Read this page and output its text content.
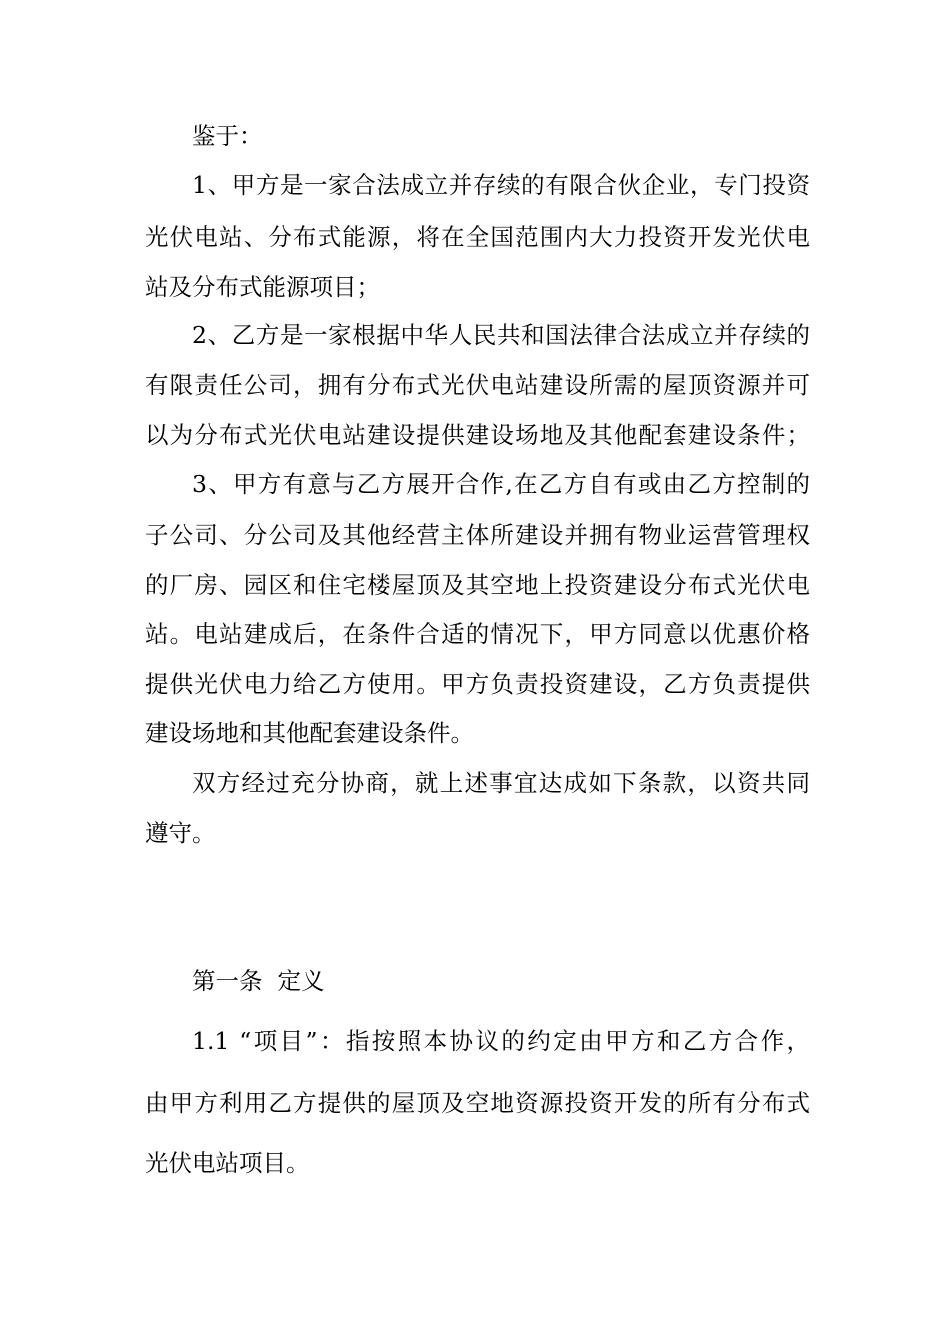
鉴于：
1、甲方是一家合法成立并存续的有限合伙企业，专门投资
光伏电站、分布式能源，将在全国范围内大力投资开发光伏电
站及分布式能源项目；
2、乙方是一家根据中华人民共和国法律合法成立并存续的
有限责任公司，拥有分布式光伏电站建设所需的屋顶资源并可
以为分布式光伏电站建设提供建设场地及其他配套建设条件；
3、甲方有意与乙方展开合作,在乙方自有或由乙方控制的
子公司、分公司及其他经营主体所建设并拥有物业运营管理权
的厂房、园区和住宅楼屋顶及其空地上投资建设分布式光伏电
站。电站建成后，在条件合适的情况下，甲方同意以优惠价格
提供光伏电力给乙方使用。甲方负责投资建设，乙方负责提供
建设场地和其他配套建设条件。
双方经过充分协商，就上述事宜达成如下条款，以资共同
遵守。
第一条  定义
1.1 “项目”：指按照本协议的约定由甲方和乙方合作，
由甲方利用乙方提供的屋顶及空地资源投资开发的所有分布式
光伏电站项目。
